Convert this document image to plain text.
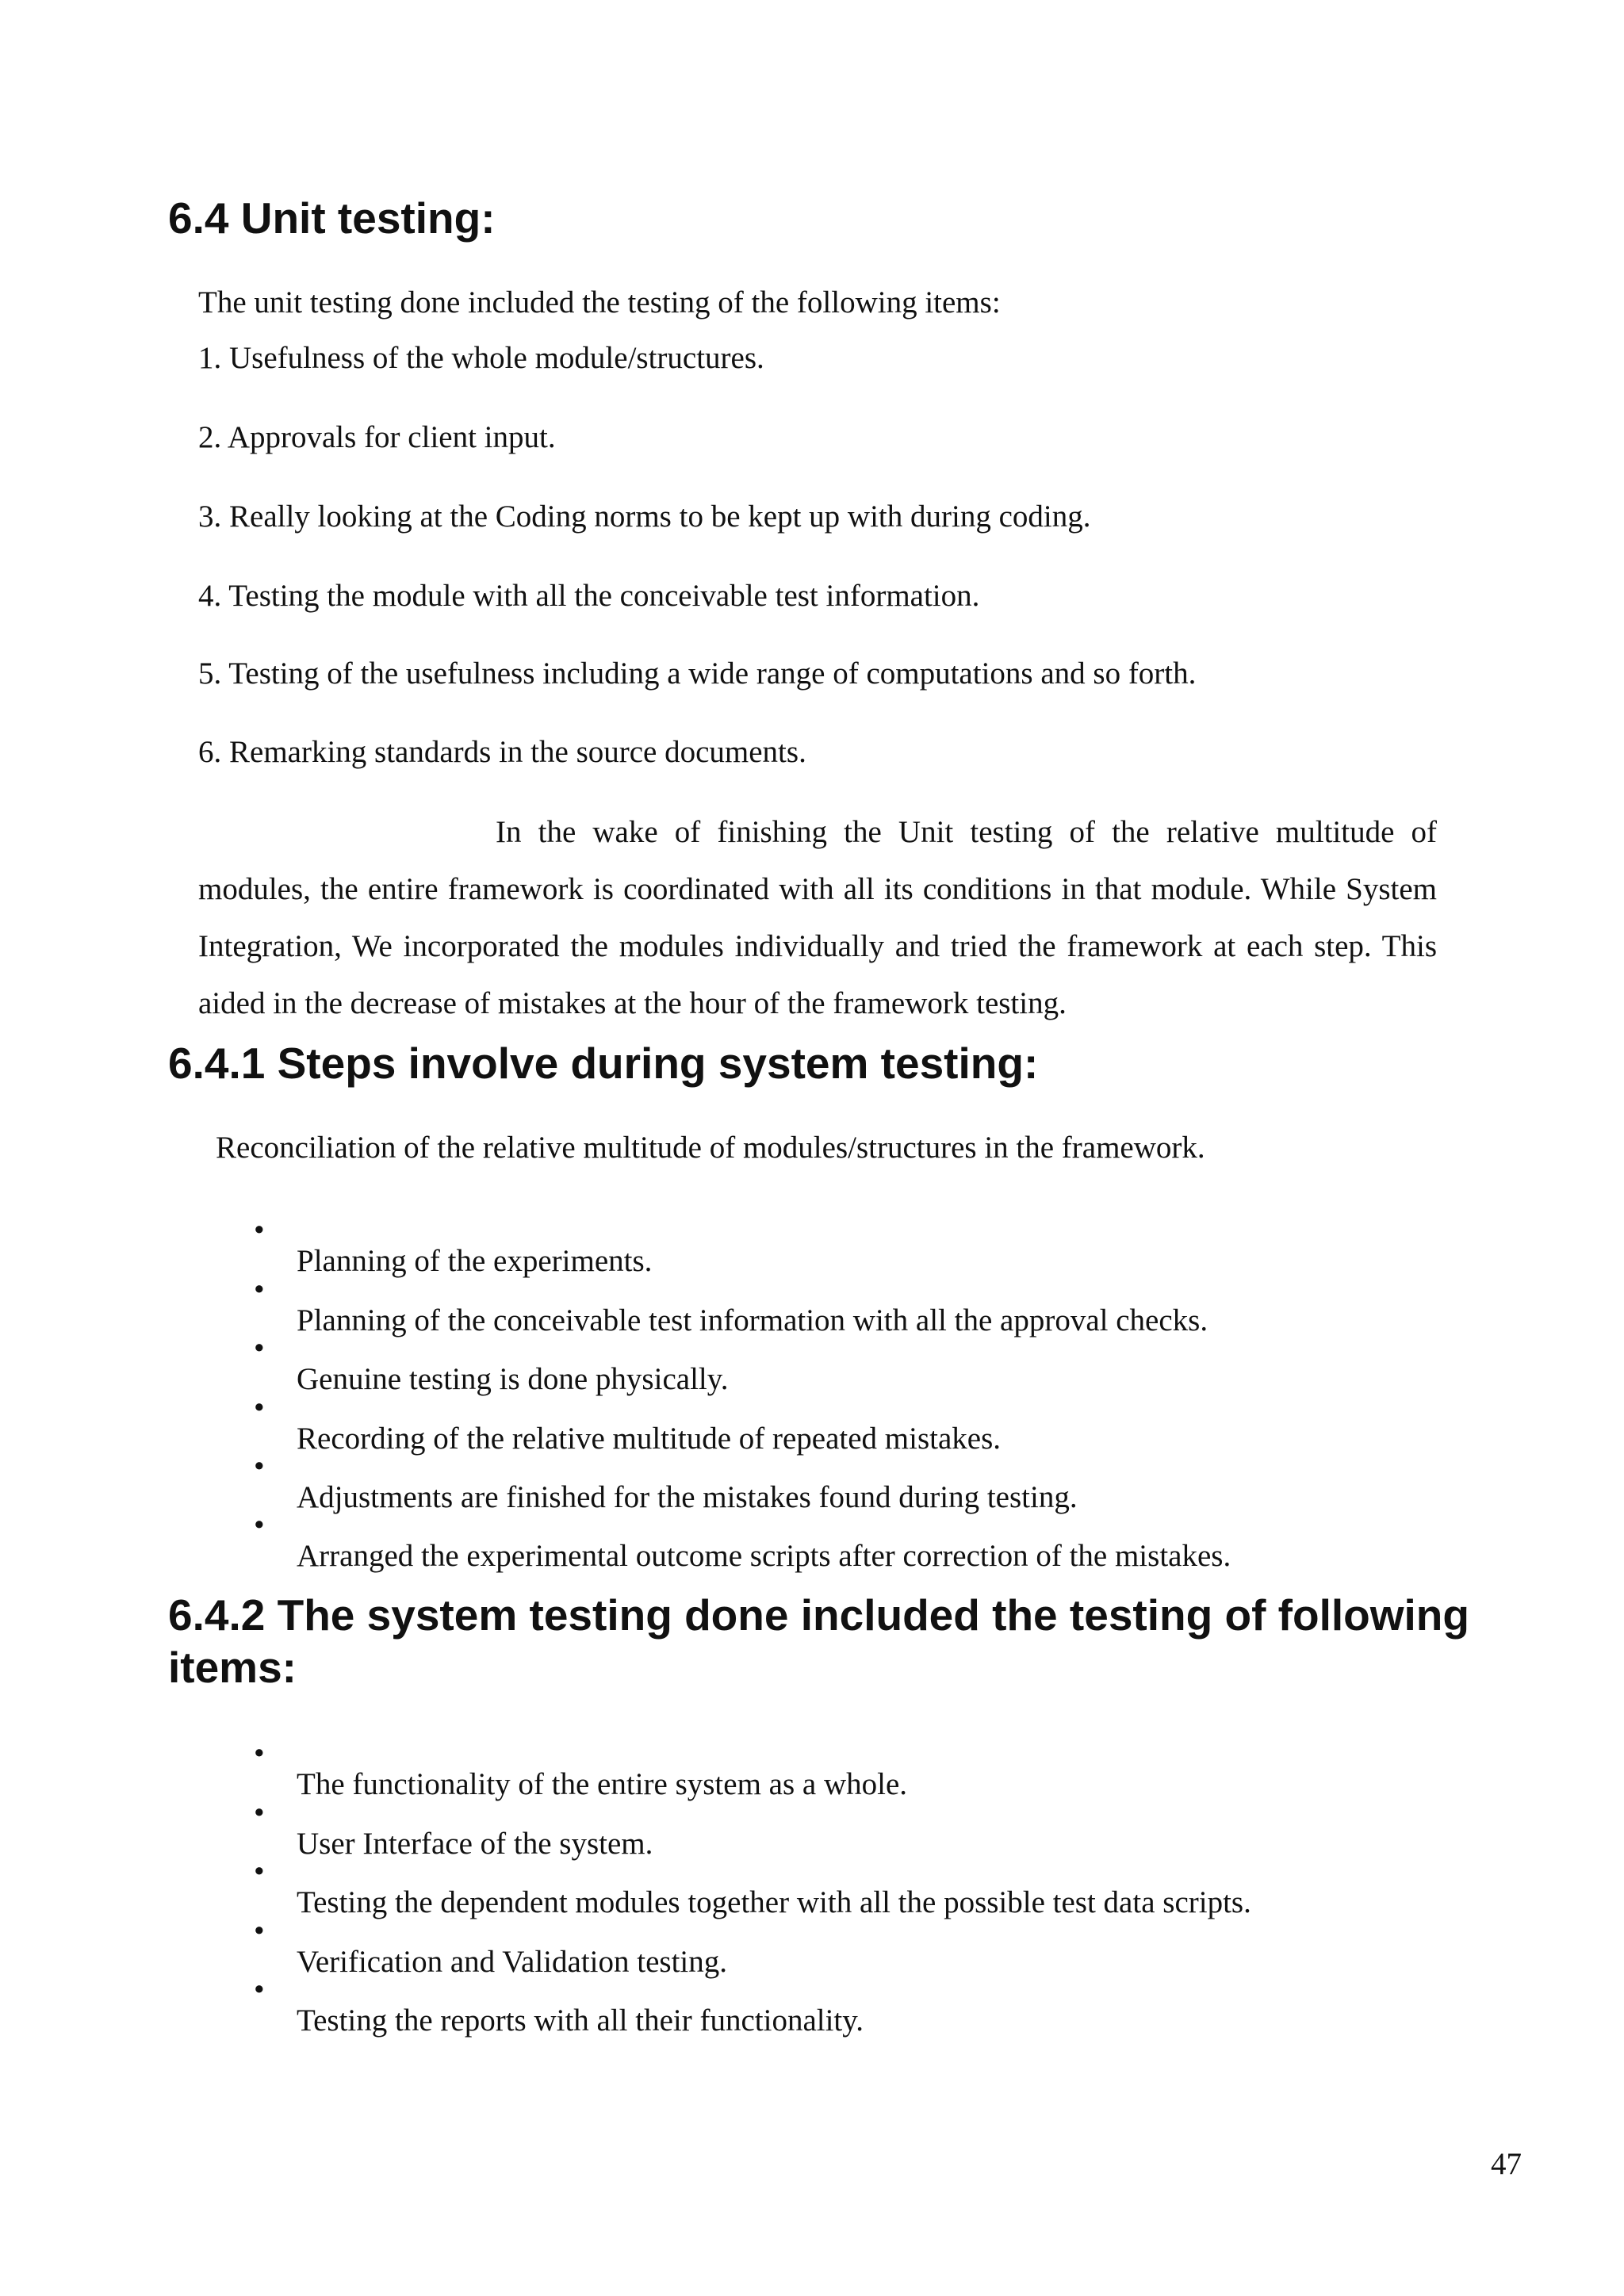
6.4 Unit testing:

The unit testing done included the testing of the following items:

1. Usefulness of the whole module/structures.

2. Approvals for client input.

3. Really looking at the Coding norms to be kept up with during coding.

4. Testing the module with all the conceivable test information.

5. Testing of the usefulness including a wide range of computations and so forth.

6. Remarking standards in the source documents.

In the wake of finishing the Unit testing of the relative multitude of modules, the entire framework is coordinated with all its conditions in that module. While System Integration, We incorporated the modules individually and tried the framework at each step. This aided in the decrease of mistakes at the hour of the framework testing.

6.4.1 Steps involve during system testing:

Reconciliation of the relative multitude of modules/structures in the framework.

•

Planning of the experiments.

•

Planning of the conceivable test information with all the approval checks.

•

Genuine testing is done physically.

•

Recording of the relative multitude of repeated mistakes.

•

Adjustments are finished for the mistakes found during testing.

•

Arranged the experimental outcome scripts after correction of the mistakes.

6.4.2 The system testing done included the testing of following
items:
•

The functionality of the entire system as a whole.

•

User Interface of the system.

•

Testing the dependent modules together with all the possible test data scripts.

•

Verification and Validation testing.

•

Testing the reports with all their functionality.

47
